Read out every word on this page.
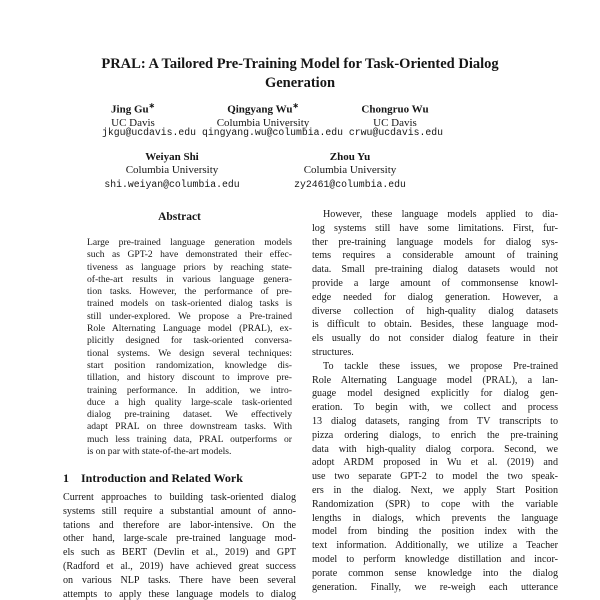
PRAL: A Tailored Pre-Training Model for Task-Oriented Dialog
Generation
Jing Gu∗
UC Davis
Qingyang Wu∗
Columbia University
Chongruo Wu
UC Davis
jkgu@ucdavis.edu qingyang.wu@columbia.edu crwu@ucdavis.edu
Weiyan Shi
Columbia University
shi.weiyan@columbia.edu
Zhou Yu
Columbia University
zy2461@columbia.edu
Abstract
Large pre-trained language generation models
such as GPT-2 have demonstrated their effec-
tiveness as language priors by reaching state-
of-the-art results in various language genera-
tion tasks. However, the performance of pre-
trained models on task-oriented dialog tasks is
still under-explored. We propose a Pre-trained
Role Alternating Language model (PRAL), ex-
plicitly designed for task-oriented conversa-
tional systems. We design several techniques:
start position randomization, knowledge dis-
tillation, and history discount to improve pre-
training performance. In addition, we intro-
duce a high quality large-scale task-oriented
dialog pre-training dataset. We effectively
adapt PRAL on three downstream tasks. With
much less training data, PRAL outperforms or
is on par with state-of-the-art models.
1 Introduction and Related Work
Current approaches to building task-oriented dialog
systems still require a substantial amount of anno-
tations and therefore are labor-intensive. On the
other hand, large-scale pre-trained language mod-
els such as BERT (Devlin et al., 2019) and GPT
(Radford et al., 2019) have achieved great success
on various NLP tasks. There have been several
attempts to apply these language models to dialog
However, these language models applied to dia-
log systems still have some limitations. First, fur-
ther pre-training language models for dialog sys-
tems requires a considerable amount of training
data. Small pre-training dialog datasets would not
provide a large amount of commonsense knowl-
edge needed for dialog generation. However, a
diverse collection of high-quality dialog datasets
is difficult to obtain. Besides, these language mod-
els usually do not consider dialog feature in their
structures.
To tackle these issues, we propose Pre-trained
Role Alternating Language model (PRAL), a lan-
guage model designed explicitly for dialog gen-
eration. To begin with, we collect and process
13 dialog datasets, ranging from TV transcripts to
pizza ordering dialogs, to enrich the pre-training
data with high-quality dialog corpora. Second, we
adopt ARDM proposed in Wu et al. (2019) and
use two separate GPT-2 to model the two speak-
ers in the dialog. Next, we apply Start Position
Randomization (SPR) to cope with the variable
lengths in dialogs, which prevents the language
model from binding the position index with the
text information. Additionally, we utilize a Teacher
model to perform knowledge distillation and incor-
porate common sense knowledge into the dialog
generation. Finally, we re-weigh each utterance
